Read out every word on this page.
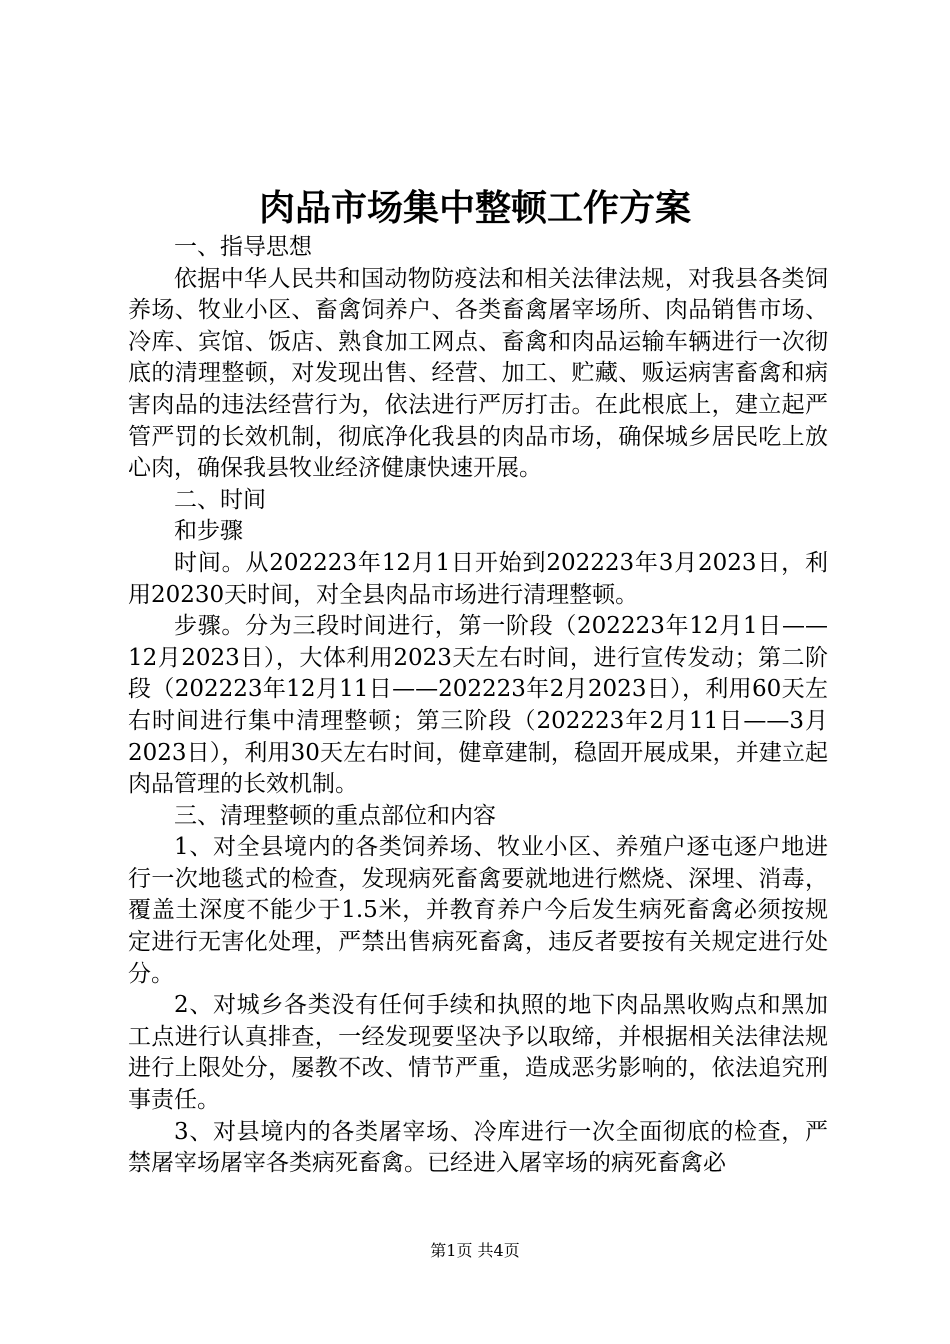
肉品市场集中整顿工作方案

一、指导思想

依据中华人民共和国动物防疫法和相关法律法规，对我县各类饲养场、牧业小区、畜禽饲养户、各类畜禽屠宰场所、肉品销售市场、冷库、宾馆、饭店、熟食加工网点、畜禽和肉品运输车辆进行一次彻底的清理整顿，对发现出售、经营、加工、贮藏、贩运病害畜禽和病害肉品的违法经营行为，依法进行严厉打击。在此根底上，建立起严管严罚的长效机制，彻底净化我县的肉品市场，确保城乡居民吃上放心肉，确保我县牧业经济健康快速开展。

二、时间

和步骤

时间。从202223年12月1日开始到202223年3月2023日，利用20230天时间，对全县肉品市场进行清理整顿。

步骤。分为三段时间进行，第一阶段（202223年12月1日——12月2023日），大体利用2023天左右时间，进行宣传发动；第二阶段（202223年12月11日——202223年2月2023日），利用60天左右时间进行集中清理整顿；第三阶段（202223年2月11日——3月2023日），利用30天左右时间，健章建制，稳固开展成果，并建立起肉品管理的长效机制。

三、清理整顿的重点部位和内容

1、对全县境内的各类饲养场、牧业小区、养殖户逐屯逐户地进行一次地毯式的检查，发现病死畜禽要就地进行燃烧、深埋、消毒，覆盖土深度不能少于1.5米，并教育养户今后发生病死畜禽必须按规定进行无害化处理，严禁出售病死畜禽，违反者要按有关规定进行处分。

2、对城乡各类没有任何手续和执照的地下肉品黑收购点和黑加工点进行认真排查，一经发现要坚决予以取缔，并根据相关法律法规进行上限处分，屡教不改、情节严重，造成恶劣影响的，依法追究刑事责任。

3、对县境内的各类屠宰场、冷库进行一次全面彻底的检查，严禁屠宰场屠宰各类病死畜禽。已经进入屠宰场的病死畜禽必

第1页 共4页
